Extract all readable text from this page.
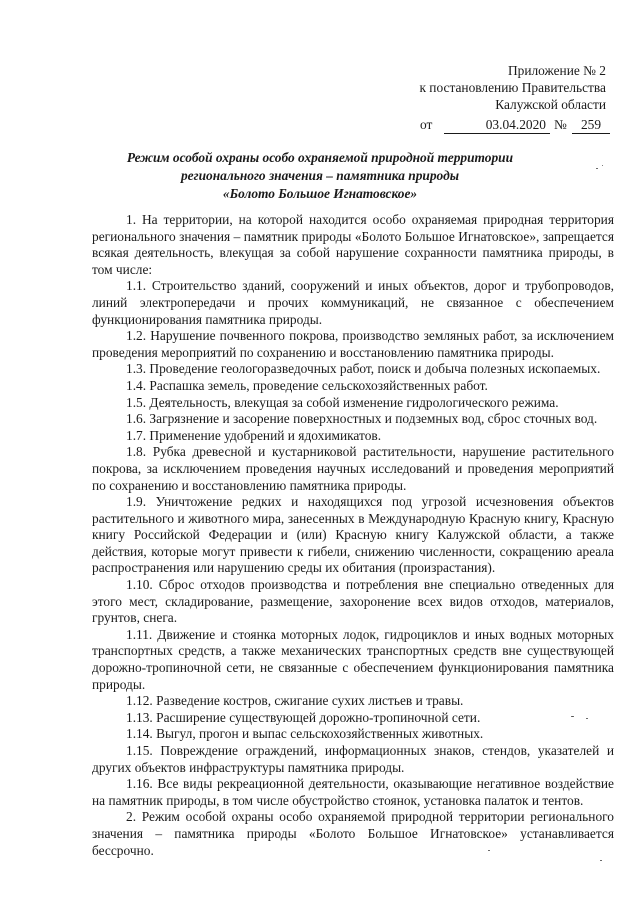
Приложение № 2
к постановлению Правительства
Калужской области
от	03.04.2020 №	259
Режим особой охраны особо охраняемой природной территории
регионального значения – памятника природы
«Болото Большое Игнатовское»

1. На территории, на которой находится особо охраняемая природная территория регионального значения – памятник природы «Болото Большое Игнатовское», запрещается всякая деятельность, влекущая за собой нарушение сохранности памятника природы, в том числе:

1.1. Строительство зданий, сооружений и иных объектов, дорог и трубопроводов, линий электропередачи и прочих коммуникаций, не связанное с обеспечением функционирования памятника природы.

1.2. Нарушение почвенного покрова, производство земляных работ, за исключением проведения мероприятий по сохранению и восстановлению памятника природы.

1.3. Проведение геологоразведочных работ, поиск и добыча полезных ископаемых.

1.4. Распашка земель, проведение сельскохозяйственных работ.

1.5. Деятельность, влекущая за собой изменение гидрологического режима.

1.6. Загрязнение и засорение поверхностных и подземных вод, сброс сточных вод.

1.7. Применение удобрений и ядохимикатов.

1.8. Рубка древесной и кустарниковой растительности, нарушение растительного покрова, за исключением проведения научных исследований и проведения мероприятий по сохранению и восстановлению памятника природы.

1.9. Уничтожение редких и находящихся под угрозой исчезновения объектов растительного и животного мира, занесенных в Международную Красную книгу, Красную книгу Российской Федерации и (или) Красную книгу Калужской области, а также действия, которые могут привести к гибели, снижению численности, сокращению ареала распространения или нарушению среды их обитания (произрастания).

1.10. Сброс отходов производства и потребления вне специально отведенных для этого мест, складирование, размещение, захоронение всех видов отходов, материалов, грунтов, снега.

1.11. Движение и стоянка моторных лодок, гидроциклов и иных водных моторных транспортных средств, а также механических транспортных средств вне существующей дорожно-тропиночной сети, не связанные с обеспечением функционирования памятника природы.

1.12. Разведение костров, сжигание сухих листьев и травы.

1.13. Расширение существующей дорожно-тропиночной сети.

1.14. Выгул, прогон и выпас сельскохозяйственных животных.

1.15. Повреждение ограждений, информационных знаков, стендов, указателей и других объектов инфраструктуры памятника природы.

1.16. Все виды рекреационной деятельности, оказывающие негативное воздействие на памятник природы, в том числе обустройство стоянок, установка палаток и тентов.

2. Режим особой охраны особо охраняемой природной территории регионального значения – памятника природы «Болото Большое Игнатовское» устанавливается бессрочно.
